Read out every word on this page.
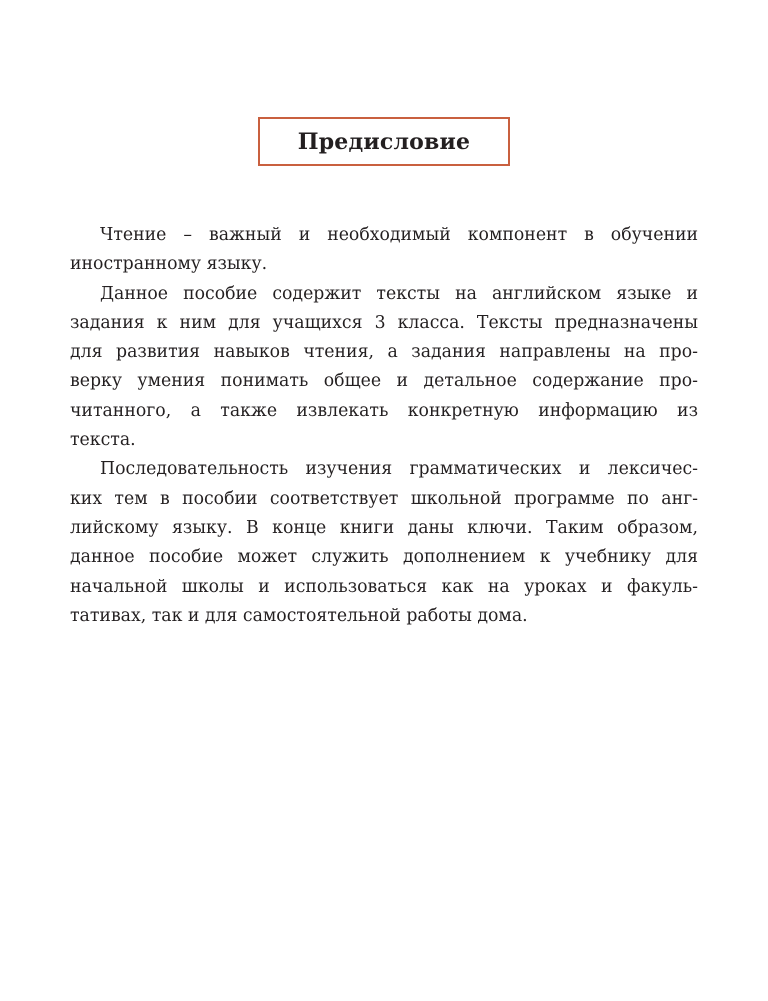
Предисловие
Чтение – важный и необходимый компонент в обучении
иностранному языку.
Данное пособие содержит тексты на английском языке и
задания к ним для учащихся 3 класса. Тексты предназначены
для развития навыков чтения, а задания направлены на про-
верку умения понимать общее и детальное содержание про-
читанного, а также извлекать конкретную информацию из
текста.
Последовательность изучения грамматических и лексичес-
ких тем в пособии соответствует школьной программе по анг-
лийскому языку. В конце книги даны ключи. Таким образом,
данное пособие может служить дополнением к учебнику для
начальной школы и использоваться как на уроках и факуль-
тативах, так и для самостоятельной работы дома.
